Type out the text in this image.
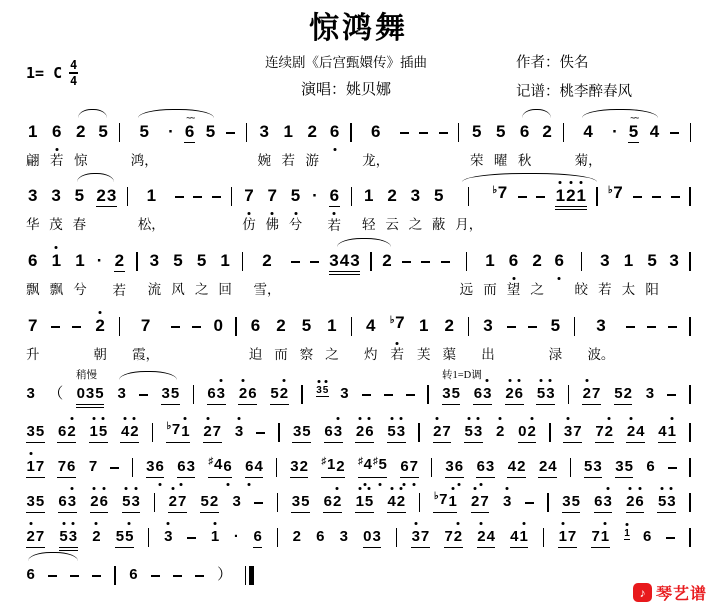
惊鸿舞
1= C 4
4
连续剧《后宫甄嬛传》插曲
演唱：姚贝娜
作者：佚名
记谱：桃李醉春风
1
翩
6
若
2
惊
5 5
鸿，
· 6
~~
5	3
婉
1
若
2
游
6 6
龙，
5
荣
5
曜
6
秋
2 4
菊，
· 5
~~
4
3
华
3
茂
5
春
2 3 1
松，
7
仿
7
佛
5
兮
· 6
若
1
轻
2
云
3
之
5
蔽 月，
♭7	1 2 1 ♭7
6
飘
1
飘
1
兮
· 2
若
3
流
5
风
5
之
1
回
2
雪，
3 4 3 2
远
1
而
6
望
2
之
6
皎
3
若
1
太
5
阳
3
7
升
2
朝
7
霞，
0 6
迫
2
而
5
察
1
之
4
灼
♭7
若
1
芙
2
蕖
3
出
5
渌
3
波。
3 （ 0 3 5 3 3 5 6 3 2 6 5 2	3 5 3	3 5 6 3 2 6 5 3 2 7 5 2 3
稍慢	转1=D调
3 5 6 2 1 5 4 2	♭7 1 2 7 3	3 5 6 3 2 6 5 3 2 7 5 3 2 0 2 3 7 7 2 2 4 4 1
1 7 7 6 7	3 6 6 3 ♯4 6 6 4 3 2 ♯1 2 ♯4 ♯5 6 7 3 6 6 3 4 2 2 4 5 3 3 5 6
3 5 6 3 2 6 5 3 2 7 5 2 3	3 5 6 2 1 5 4 2	♭7 1 2 7 3	3 5 6 3 2 6 5 3
2 7 5 3 2 5 5 3	1 · 6 2 6 3 0 3 3 7 7 2 2 4 4 1 1 7 7 1 1 6
6	6	）
♪ 琴艺谱
